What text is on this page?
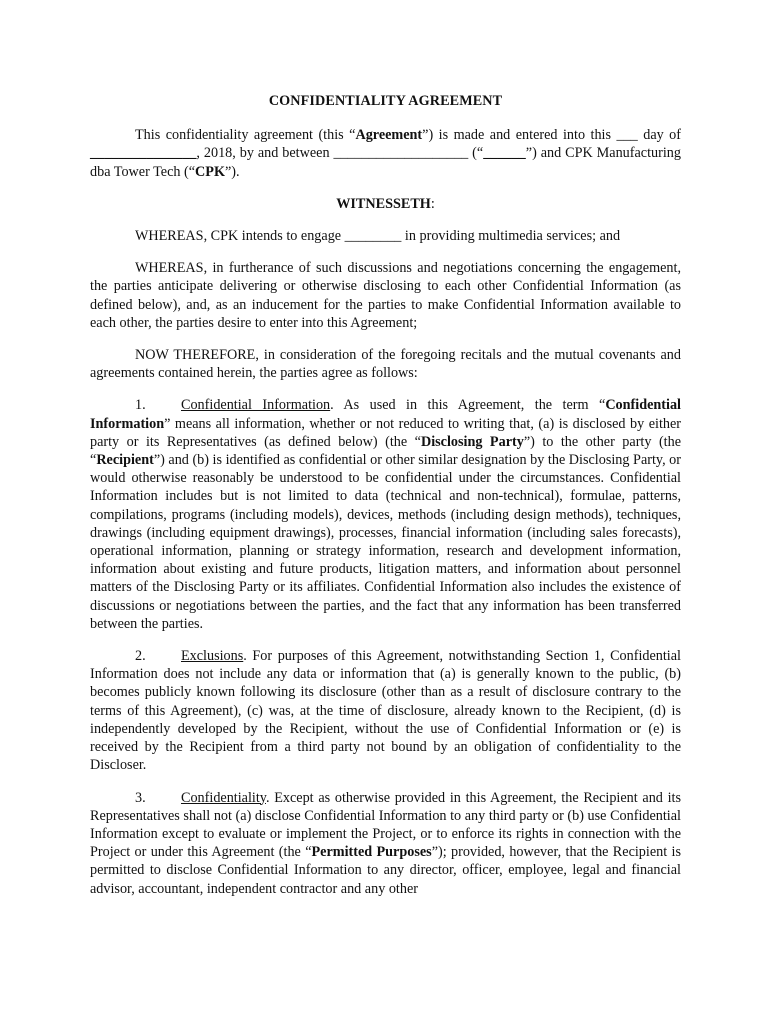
CONFIDENTIALITY AGREEMENT

This confidentiality agreement (this “Agreement”) is made and entered into this ___ day of _______________, 2018, by and between ___________________ (“______”) and CPK Manufacturing dba Tower Tech (“CPK”).

WITNESSETH:

WHEREAS, CPK intends to engage ________ in providing multimedia services; and

WHEREAS, in furtherance of such discussions and negotiations concerning the engagement, the parties anticipate delivering or otherwise disclosing to each other Confidential Information (as defined below), and, as an inducement for the parties to make Confidential Information available to each other, the parties desire to enter into this Agreement;

NOW THEREFORE, in consideration of the foregoing recitals and the mutual covenants and agreements contained herein, the parties agree as follows:

1. Confidential Information. As used in this Agreement, the term “Confidential Information” means all information, whether or not reduced to writing that, (a) is disclosed by either party or its Representatives (as defined below) (the “Disclosing Party”) to the other party (the “Recipient”) and (b) is identified as confidential or other similar designation by the Disclosing Party, or would otherwise reasonably be understood to be confidential under the circumstances. Confidential Information includes but is not limited to data (technical and non-technical), formulae, patterns, compilations, programs (including models), devices, methods (including design methods), techniques, drawings (including equipment drawings), processes, financial information (including sales forecasts), operational information, planning or strategy information, research and development information, information about existing and future products, litigation matters, and information about personnel matters of the Disclosing Party or its affiliates. Confidential Information also includes the existence of discussions or negotiations between the parties, and the fact that any information has been transferred between the parties.

2. Exclusions. For purposes of this Agreement, notwithstanding Section 1, Confidential Information does not include any data or information that (a) is generally known to the public, (b) becomes publicly known following its disclosure (other than as a result of disclosure contrary to the terms of this Agreement), (c) was, at the time of disclosure, already known to the Recipient, (d) is independently developed by the Recipient, without the use of Confidential Information or (e) is received by the Recipient from a third party not bound by an obligation of confidentiality to the Discloser.

3. Confidentiality. Except as otherwise provided in this Agreement, the Recipient and its Representatives shall not (a) disclose Confidential Information to any third party or (b) use Confidential Information except to evaluate or implement the Project, or to enforce its rights in connection with the Project or under this Agreement (the “Permitted Purposes”); provided, however, that the Recipient is permitted to disclose Confidential Information to any director, officer, employee, legal and financial advisor, accountant, independent contractor and any other
